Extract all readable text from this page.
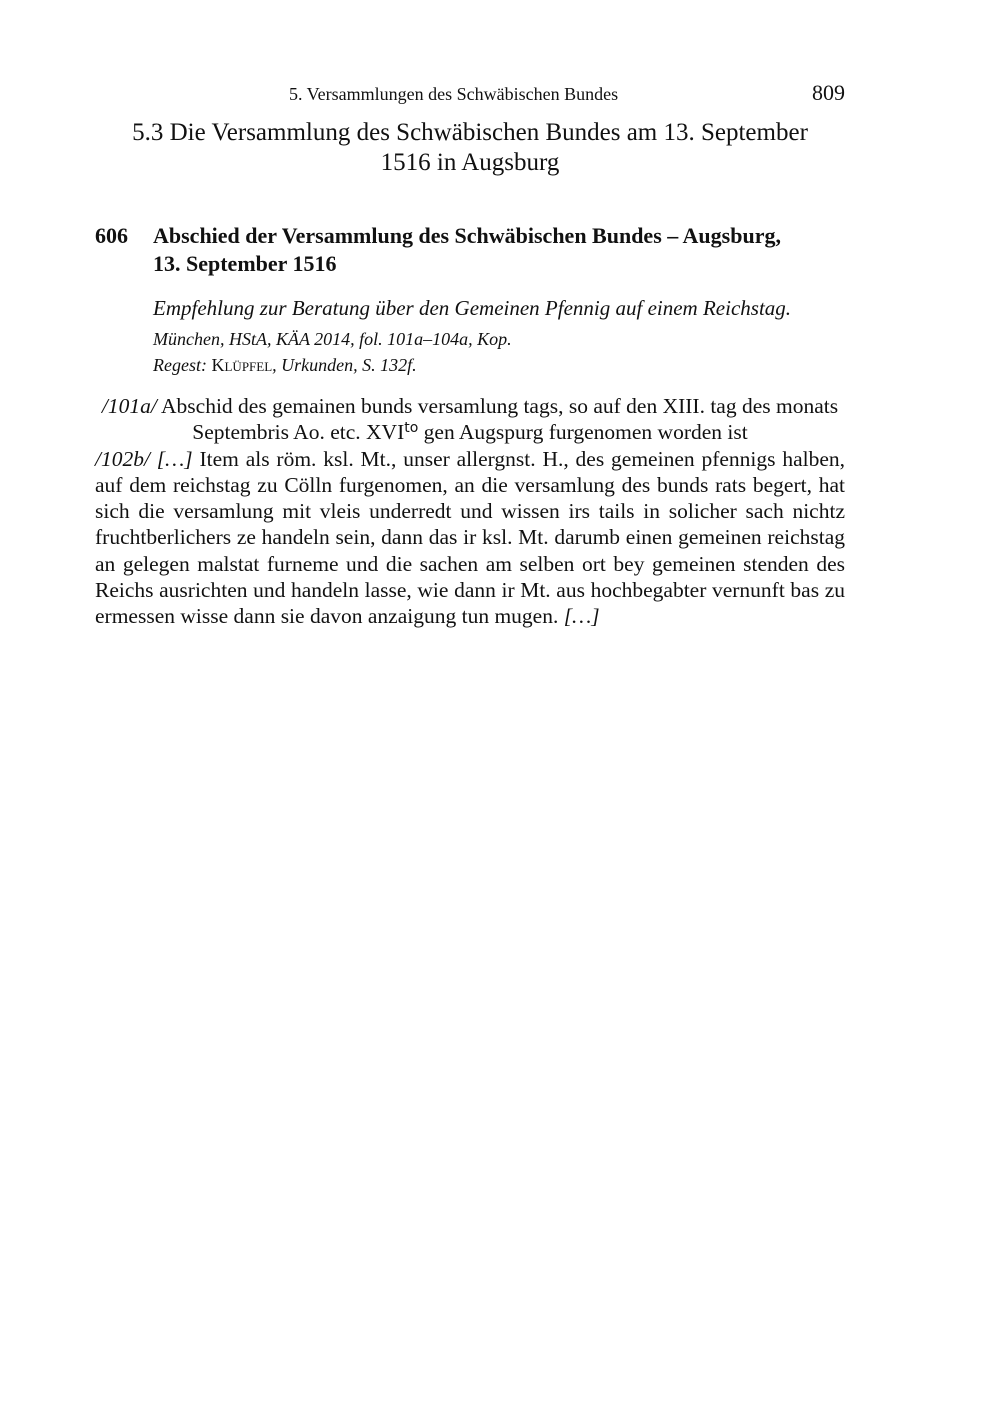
5. Versammlungen des Schwäbischen Bundes	809
5.3 Die Versammlung des Schwäbischen Bundes am 13. September
1516 in Augsburg
606 Abschied der Versammlung des Schwäbischen Bundes – Augsburg,
13. September 1516
Empfehlung zur Beratung über den Gemeinen Pfennig auf einem Reichstag.
München, HStA, KÄA 2014, fol. 101a–104a, Kop.
Regest: Klüpfel, Urkunden, S. 132f.
/101a/ Abschid des gemainen bunds versamlung tags, so auf den XIII. tag des monats Septembris Ao. etc. $XVI^{to}$ gen Augspurg furgenomen worden ist
/102b/ […] Item als röm. ksl. Mt., unser allergnst. H., des gemeinen pfennigs halben, auf dem reichstag zu Cölln furgenomen, an die versamlung des bunds rats begert, hat sich die versamlung mit vleis underredt und wissen irs tails in solicher sach nichtz fruchtberlichers ze handeln sein, dann das ir ksl. Mt. darumb einen gemeinen reichstag an gelegen malstat furneme und die sachen am selben ort bey gemeinen stenden des Reichs ausrichten und handeln lasse, wie dann ir Mt. aus hochbegabter vernunft bas zu ermessen wisse dann sie davon anzaigung tun mugen. […]
